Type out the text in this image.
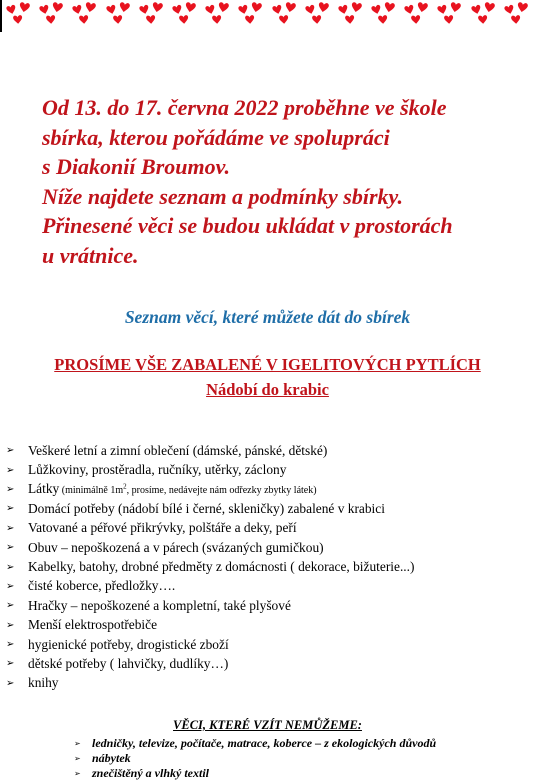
Od 13. do 17. června 2022 proběhne ve škole
sbírka, kterou pořádáme ve spolupráci
s Diakonií Broumov.
Níže najdete seznam a podmínky sbírky.
Přinesené věci se budou ukládat v prostorách
u vrátnice.
Seznam věcí, které můžete dát do sbírek
PROSÍME VŠE ZABALENÉ V IGELITOVÝCH PYTLÍCH
Nádobí do krabic
➢	Veškeré letní a zimní oblečení (dámské, pánské, dětské)
➢	Lůžkoviny, prostěradla, ručníky, utěrky, záclony
➢	Látky (minimálně $1m^2$, prosíme, nedávejte nám odřezky zbytky látek)
➢	Domácí potřeby (nádobí bílé i černé, skleničky) zabalené v krabici
➢	Vatované a péřové přikrývky, polštáře a deky, peří
➢	Obuv – nepoškozená a v párech (svázaných gumičkou)
➢	Kabelky, batohy, drobné předměty z domácnosti ( dekorace, bižuterie...)
➢	čisté koberce, předložky….
➢	Hračky – nepoškozené a kompletní, také plyšové
➢	Menší elektrospotřebiče
➢	hygienické potřeby, drogistické zboží
➢	dětské potřeby ( lahvičky, dudlíky…)
➢	knihy
VĚCI, KTERÉ VZÍT NEMŮŽEME:
➢ ledničky, televize, počítače, matrace, koberce – z ekologických důvodů
➢ nábytek
➢ znečištěný a vlhký textil
